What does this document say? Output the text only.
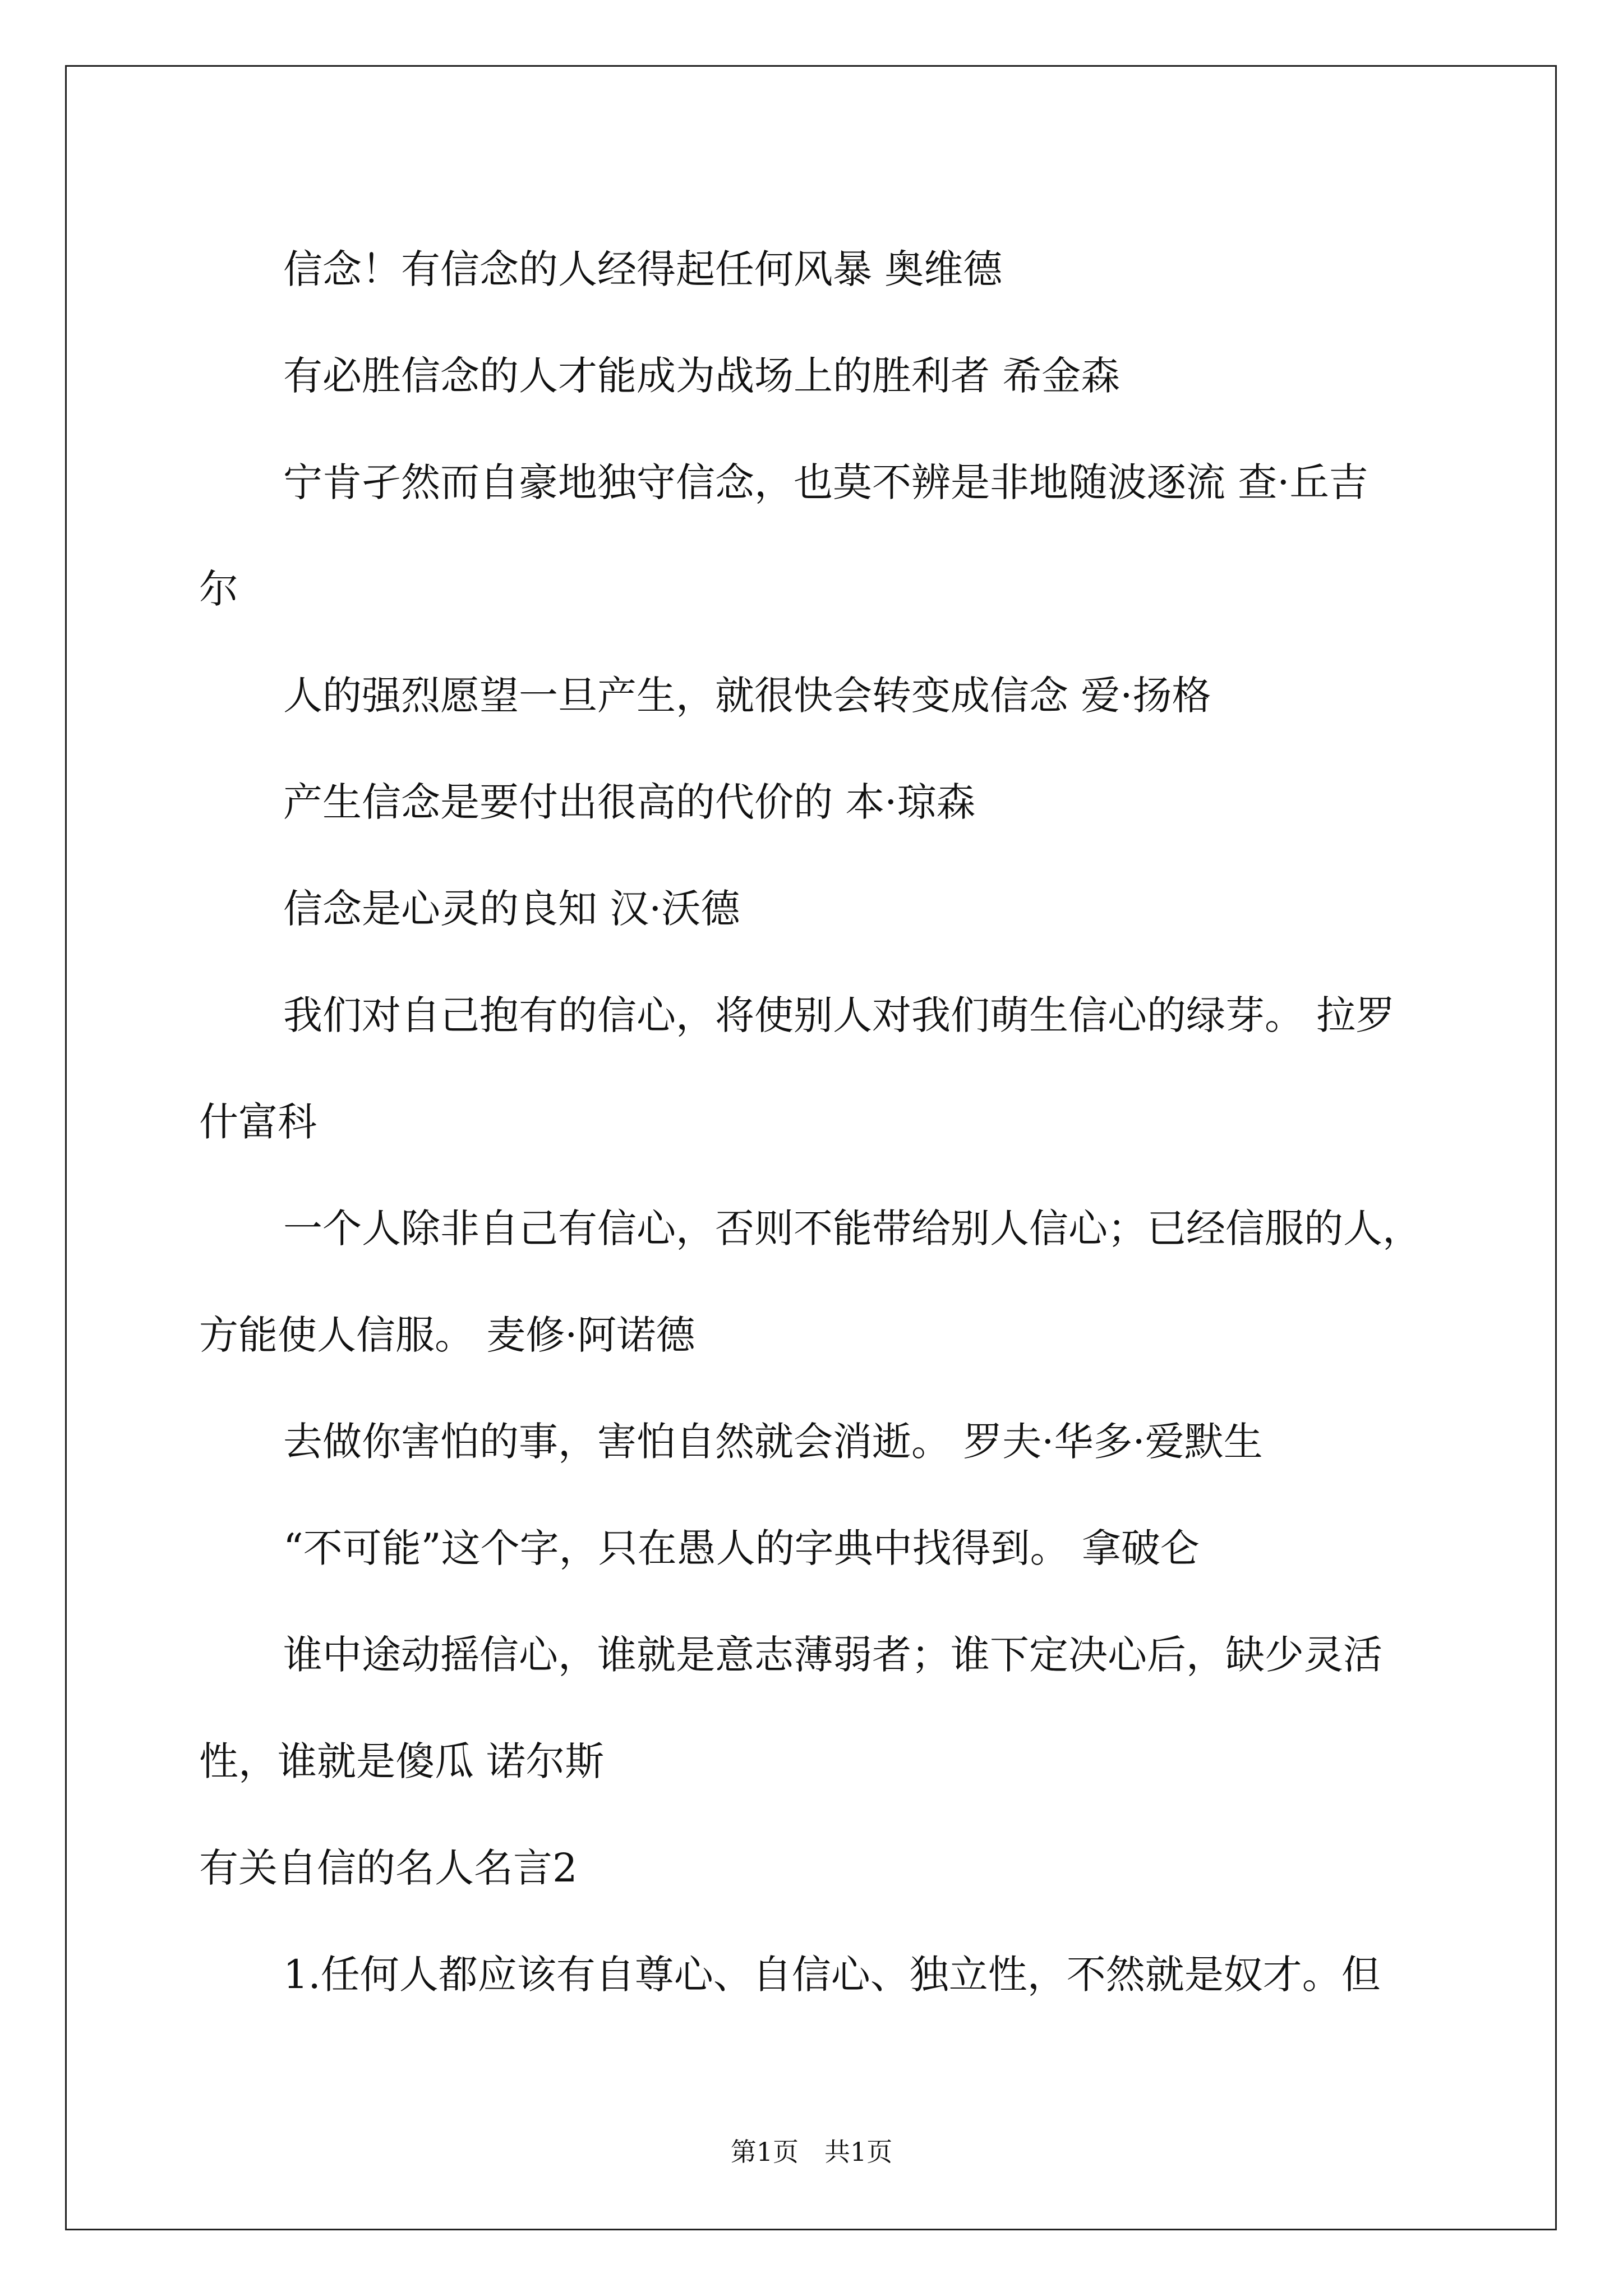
信念！有信念的人经得起任何风暴 奥维德

有必胜信念的人才能成为战场上的胜利者 希金森

宁肯孑然而自豪地独守信念，也莫不辨是非地随波逐流 查·丘吉

尔

人的强烈愿望一旦产生，就很快会转变成信念 爱·扬格

产生信念是要付出很高的代价的 本·琼森

信念是心灵的良知 汉·沃德

我们对自己抱有的信心，将使别人对我们萌生信心的绿芽。 拉罗

什富科

一个人除非自己有信心，否则不能带给别人信心；已经信服的人，

方能使人信服。 麦修·阿诺德

去做你害怕的事，害怕自然就会消逝。 罗夫·华多·爱默生

“不可能”这个字，只在愚人的字典中找得到。 拿破仑

谁中途动摇信心，谁就是意志薄弱者；谁下定决心后，缺少灵活

性，谁就是傻瓜 诺尔斯

有关自信的名人名言2

1.任何人都应该有自尊心、自信心、独立性，不然就是奴才。但

第1页　共1页
